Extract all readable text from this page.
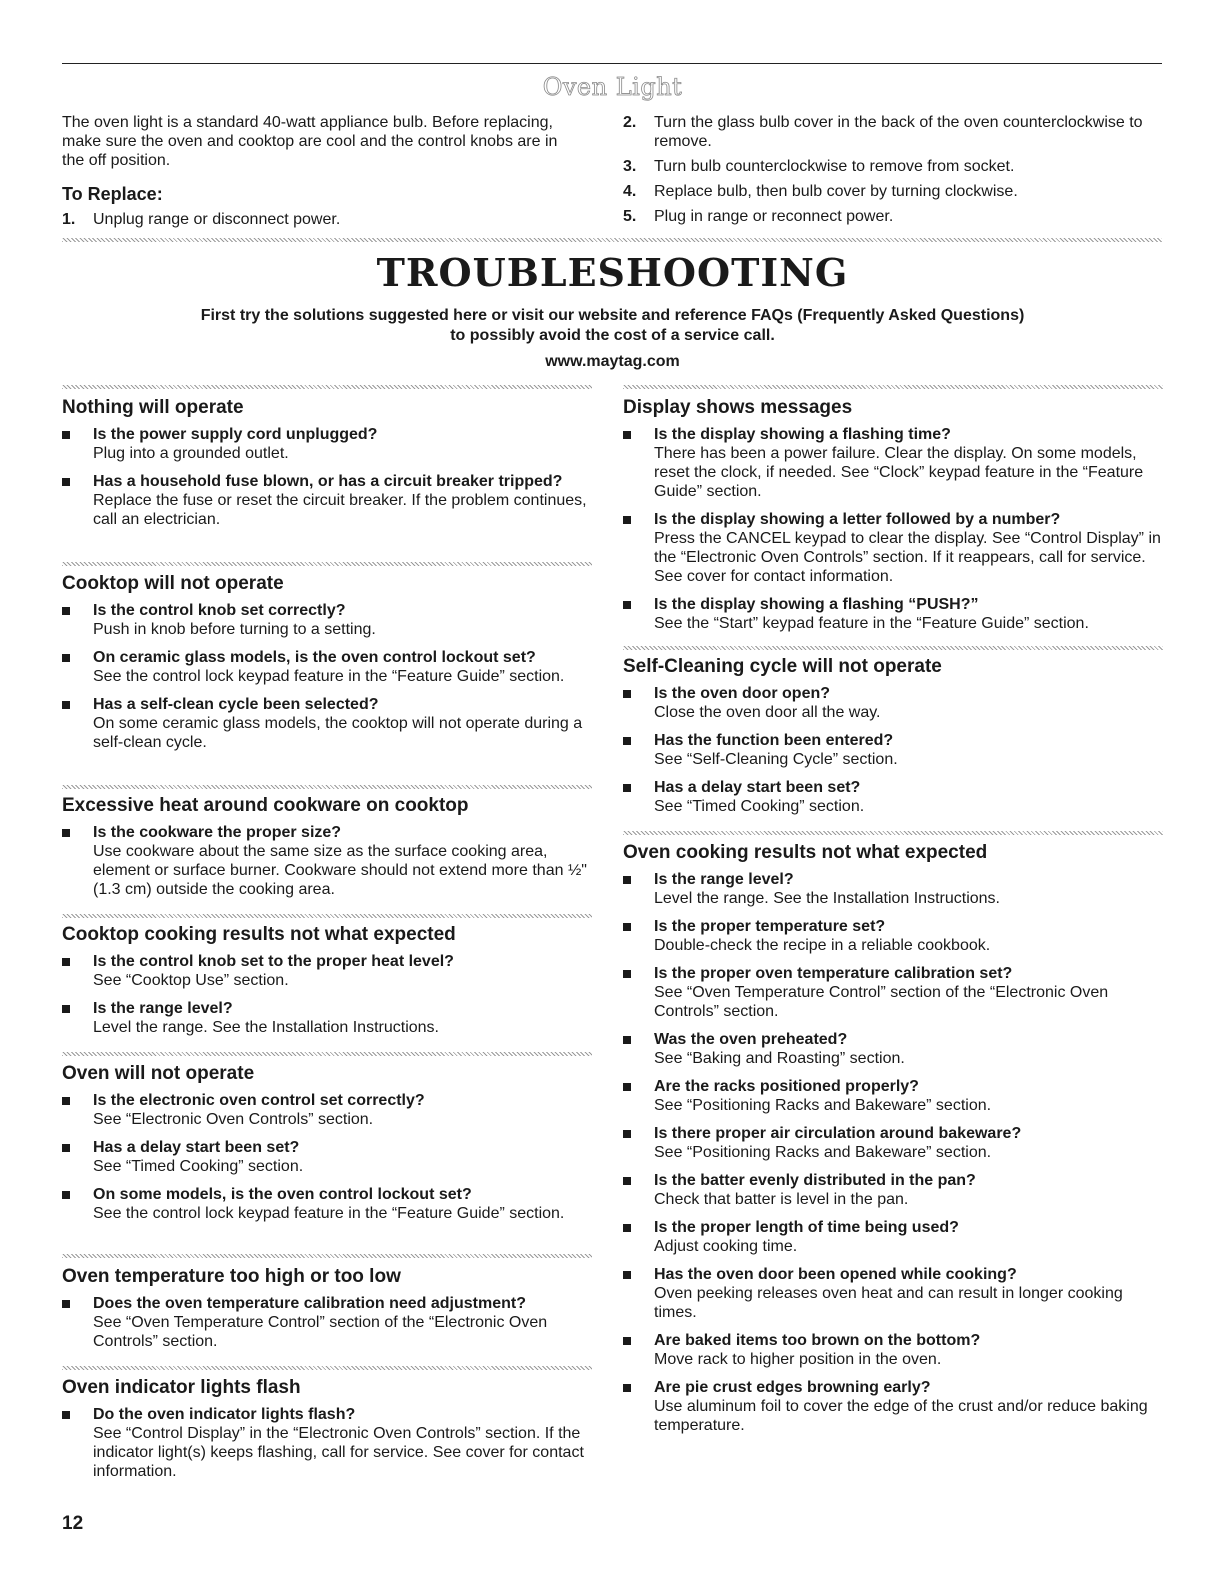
Oven Light

The oven light is a standard 40-watt appliance bulb. Before replacing, make sure the oven and cooktop are cool and the control knobs are in the off position.

To Replace:
1.	Unplug range or disconnect power.
2.	Turn the glass bulb cover in the back of the oven counterclockwise to remove.
3.	Turn bulb counterclockwise to remove from socket.
4.	Replace bulb, then bulb cover by turning clockwise.
5.	Plug in range or reconnect power.
TROUBLESHOOTING
First try the solutions suggested here or visit our website and reference FAQs (Frequently Asked Questions)
to possibly avoid the cost of a service call.
www.maytag.com
Nothing will operate
Is the power supply cord unplugged?
Plug into a grounded outlet.
Has a household fuse blown, or has a circuit breaker tripped?
Replace the fuse or reset the circuit breaker. If the problem continues, call an electrician.
Cooktop will not operate
Is the control knob set correctly?
Push in knob before turning to a setting.
On ceramic glass models, is the oven control lockout set?
See the control lock keypad feature in the “Feature Guide” section.
Has a self-clean cycle been selected?
On some ceramic glass models, the cooktop will not operate during a self-clean cycle.
Excessive heat around cookware on cooktop
Is the cookware the proper size?
Use cookware about the same size as the surface cooking area, element or surface burner. Cookware should not extend more than ½" (1.3 cm) outside the cooking area.
Cooktop cooking results not what expected
Is the control knob set to the proper heat level?
See “Cooktop Use” section.
Is the range level?
Level the range. See the Installation Instructions.
Oven will not operate
Is the electronic oven control set correctly?
See “Electronic Oven Controls” section.
Has a delay start been set?
See “Timed Cooking” section.
On some models, is the oven control lockout set?
See the control lock keypad feature in the “Feature Guide” section.
Oven temperature too high or too low
Does the oven temperature calibration need adjustment?
See “Oven Temperature Control” section of the “Electronic Oven Controls” section.
Oven indicator lights flash
Do the oven indicator lights flash?
See “Control Display” in the “Electronic Oven Controls” section. If the indicator light(s) keeps flashing, call for service. See cover for contact information.
Display shows messages
Is the display showing a flashing time?
There has been a power failure. Clear the display. On some models, reset the clock, if needed. See “Clock” keypad feature in the “Feature Guide” section.
Is the display showing a letter followed by a number?
Press the CANCEL keypad to clear the display. See “Control Display” in the “Electronic Oven Controls” section. If it reappears, call for service. See cover for contact information.
Is the display showing a flashing “PUSH?”
See the “Start” keypad feature in the “Feature Guide” section.
Self-Cleaning cycle will not operate
Is the oven door open?
Close the oven door all the way.
Has the function been entered?
See “Self-Cleaning Cycle” section.
Has a delay start been set?
See “Timed Cooking” section.
Oven cooking results not what expected
Is the range level?
Level the range. See the Installation Instructions.
Is the proper temperature set?
Double-check the recipe in a reliable cookbook.
Is the proper oven temperature calibration set?
See “Oven Temperature Control” section of the “Electronic Oven Controls” section.
Was the oven preheated?
See “Baking and Roasting” section.
Are the racks positioned properly?
See “Positioning Racks and Bakeware” section.
Is there proper air circulation around bakeware?
See “Positioning Racks and Bakeware” section.
Is the batter evenly distributed in the pan?
Check that batter is level in the pan.
Is the proper length of time being used?
Adjust cooking time.
Has the oven door been opened while cooking?
Oven peeking releases oven heat and can result in longer cooking times.
Are baked items too brown on the bottom?
Move rack to higher position in the oven.
Are pie crust edges browning early?
Use aluminum foil to cover the edge of the crust and/or reduce baking temperature.
12
